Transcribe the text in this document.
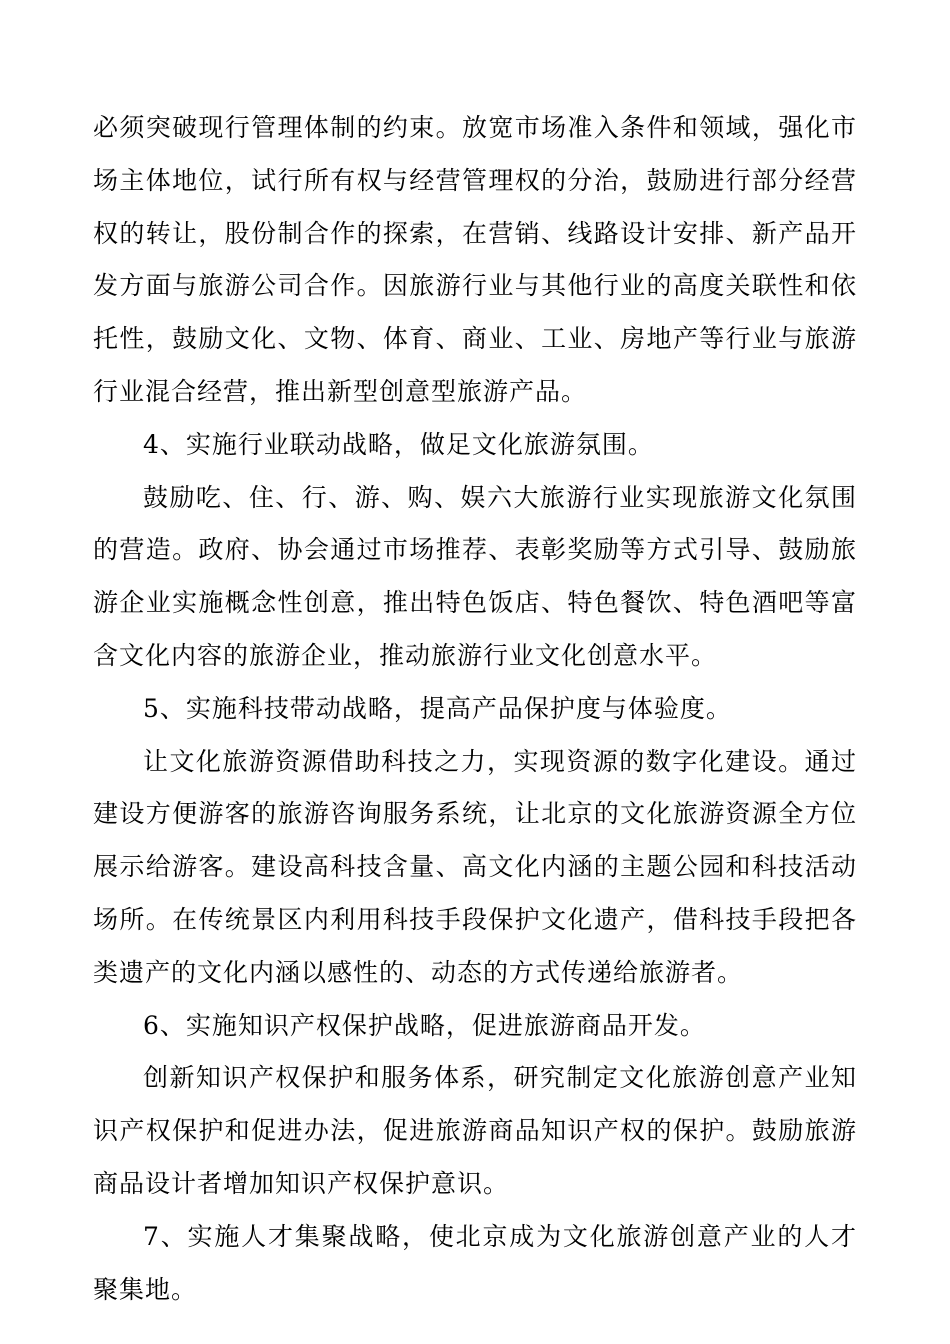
必须突破现行管理体制的约束。放宽市场准入条件和领域，强化市场主体地位，试行所有权与经营管理权的分治，鼓励进行部分经营权的转让，股份制合作的探索，在营销、线路设计安排、新产品开发方面与旅游公司合作。因旅游行业与其他行业的高度关联性和依托性，鼓励文化、文物、体育、商业、工业、房地产等行业与旅游行业混合经营，推出新型创意型旅游产品。

4、实施行业联动战略，做足文化旅游氛围。

鼓励吃、住、行、游、购、娱六大旅游行业实现旅游文化氛围的营造。政府、协会通过市场推荐、表彰奖励等方式引导、鼓励旅游企业实施概念性创意，推出特色饭店、特色餐饮、特色酒吧等富含文化内容的旅游企业，推动旅游行业文化创意水平。

5、实施科技带动战略，提高产品保护度与体验度。

让文化旅游资源借助科技之力，实现资源的数字化建设。通过建设方便游客的旅游咨询服务系统，让北京的文化旅游资源全方位展示给游客。建设高科技含量、高文化内涵的主题公园和科技活动场所。在传统景区内利用科技手段保护文化遗产，借科技手段把各类遗产的文化内涵以感性的、动态的方式传递给旅游者。

6、实施知识产权保护战略，促进旅游商品开发。

创新知识产权保护和服务体系，研究制定文化旅游创意产业知识产权保护和促进办法，促进旅游商品知识产权的保护。鼓励旅游商品设计者增加知识产权保护意识。

7、实施人才集聚战略，使北京成为文化旅游创意产业的人才聚集地。
